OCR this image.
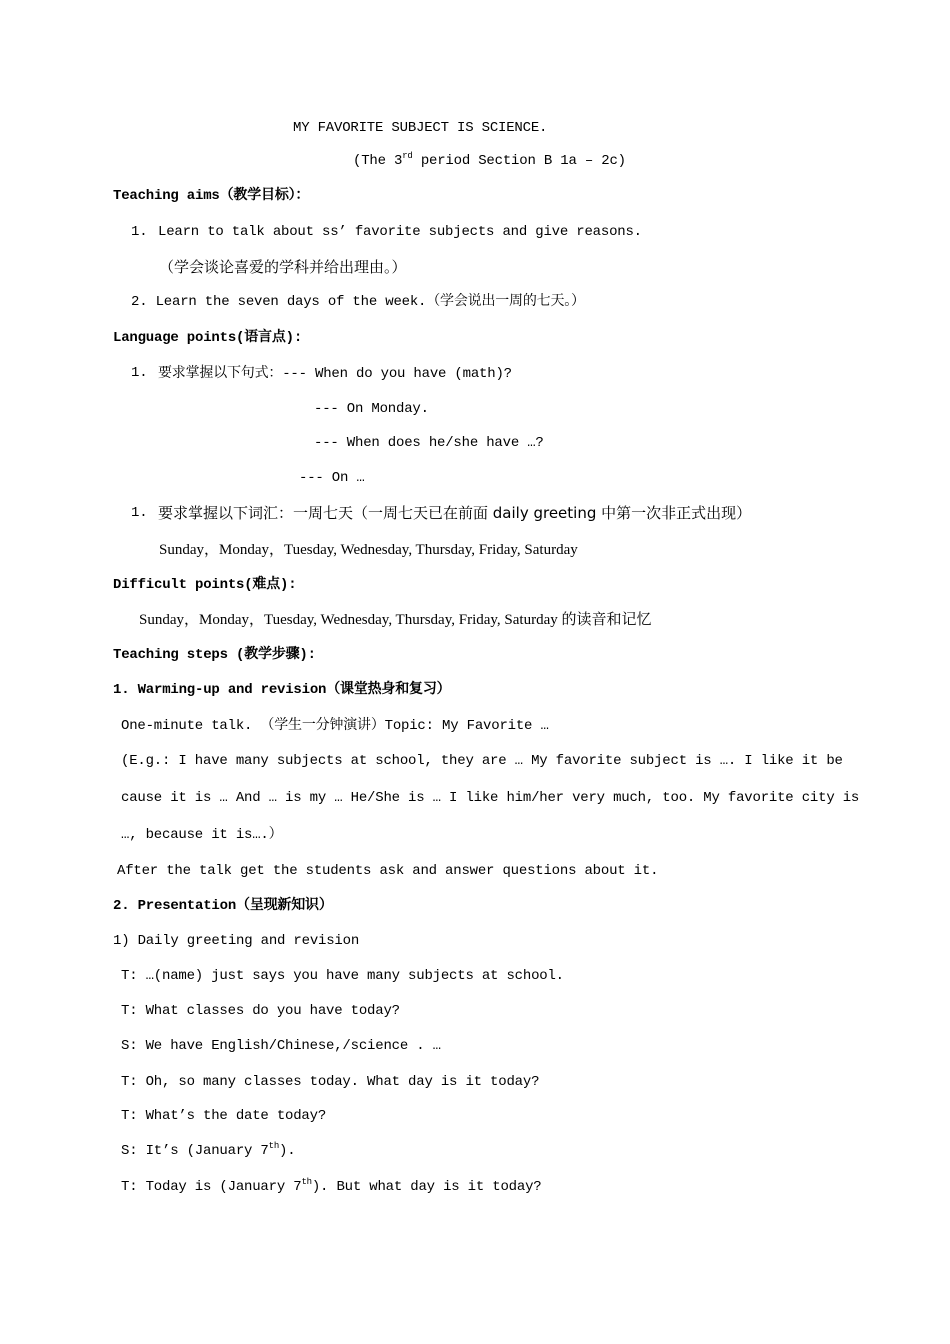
MY FAVORITE SUBJECT IS SCIENCE.
(The 3rd period Section B 1a – 2c)
Teaching aims（教学目标）：
1. Learn to talk about ss’ favorite subjects and give reasons.
（学会谈论喜爱的学科并给出理由。）
2. Learn the seven days of the week.（学会说出一周的七天。）
Language points(语言点):
1. 要求掌握以下句式：--- When do you have (math)?
--- On Monday.
--- When does he/she have …?
--- On …
1. 要求掌握以下词汇：一周七天（一周七天已在前面 daily greeting 中第一次非正式出现）
Sunday，Monday，Tuesday, Wednesday, Thursday, Friday, Saturday
Difficult points(难点):
Sunday，Monday，Tuesday, Wednesday, Thursday, Friday, Saturday 的读音和记忆
Teaching steps (教学步骤):
1. Warming-up and revision（课堂热身和复习）
One-minute talk. （学生一分钟演讲）Topic: My Favorite …
(E.g.: I have many subjects at school, they are … My favorite subject is …. I like it be
cause it is … And … is my … He/She is … I like him/her very much, too. My favorite city is
…, because it is….）
After the talk get the students ask and answer questions about it.
2. Presentation（呈现新知识）
1) Daily greeting and revision
T: …(name) just says you have many subjects at school.
T: What classes do you have today?
S: We have English/Chinese,/science . …
T: Oh, so many classes today. What day is it today?
T: What’s the date today?
S: It’s (January 7th).
T: Today is (January 7th). But what day is it today?
